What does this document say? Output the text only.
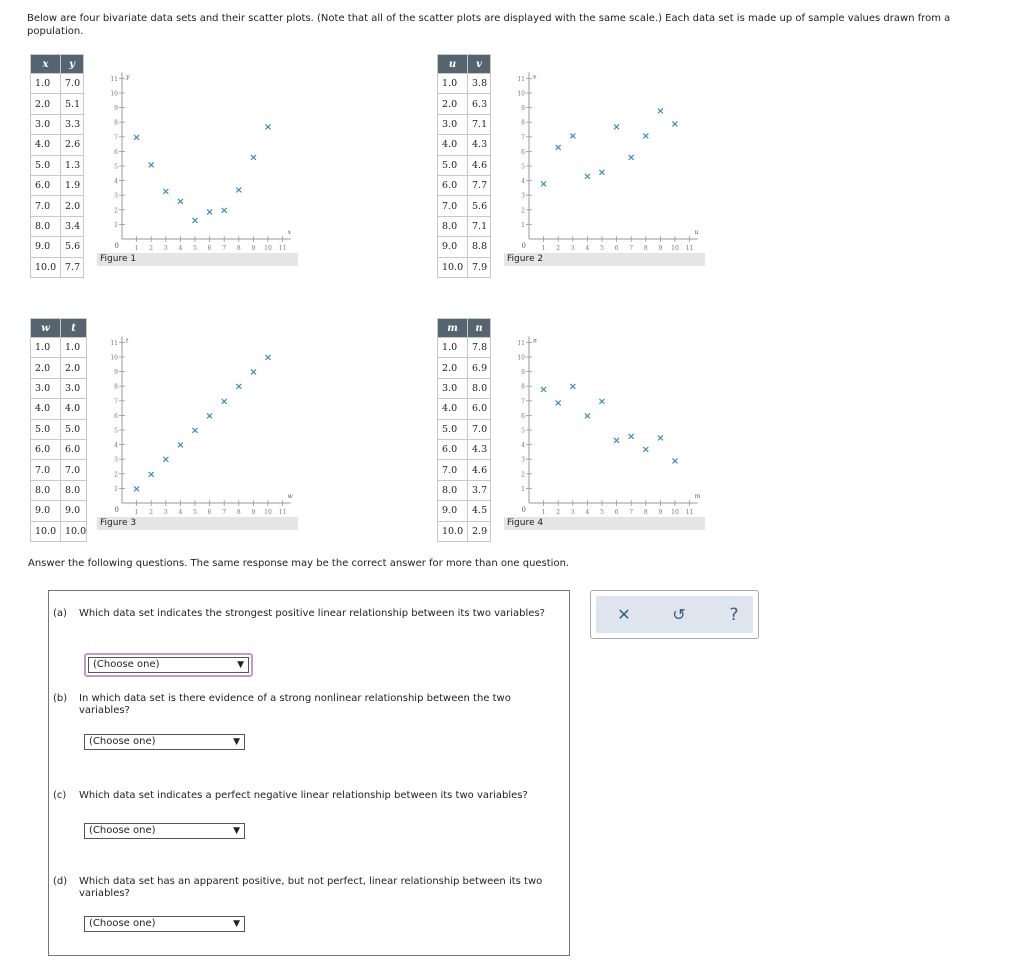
Below are four bivariate data sets and their scatter plots. (Note that all of the scatter plots are displayed with the same scale.) Each data set is made up of sample values drawn from a population.
x	y
1.0	7.0
2.0	5.1
3.0	3.3
4.0	2.6
5.0	1.3
6.0	1.9
7.0	2.0
8.0	3.4
9.0	5.6
10.0	7.7
0
1
2
3
4
5
6
7
8
9
10
11
1 2 3 4 5 6 7 8 9 10 11
y
x
×
×
×
×
×
× ×
×
×
×
Figure 1
u	v
1.0	3.8
2.0	6.3
3.0	7.1
4.0	4.3
5.0	4.6
6.0	7.7
7.0	5.6
8.0	7.1
9.0	8.8
10.0	7.9
0
1
2
3
4
5
6
7
8
9
10
11
1 2 3 4 5 6 7 8 9 10 11
v
u
×
×
×
× ×
×
×
×
×
×
Figure 2
w	t
1.0	1.0
2.0	2.0
3.0	3.0
4.0	4.0
5.0	5.0
6.0	6.0
7.0	7.0
8.0	8.0
9.0	9.0
10.0	10.0
0
1
2
3
4
5
6
7
8
9
10
11
1 2 3 4 5 6 7 8 9 10 11
t
w
×
×
×
×
×
×
×
×
×
×
Figure 3
m	n
1.0	7.8
2.0	6.9
3.0	8.0
4.0	6.0
5.0	7.0
6.0	4.3
7.0	4.6
8.0	3.7
9.0	4.5
10.0	2.9
0
1
2
3
4
5
6
7
8
9
10
11
1 2 3 4 5 6 7 8 9 10 11
n
m
×
×
×
×
×
× ×
×
×
×
Figure 4
Answer the following questions. The same response may be the correct answer for more than one question.
(a) Which data set indicates the strongest positive linear relationship between its two variables?
(Choose one)	▼
(b) In which data set is there evidence of a strong nonlinear relationship between the two variables?
(Choose one)	▼
(c) Which data set indicates a perfect negative linear relationship between its two variables?
(Choose one)	▼
(d) Which data set has an apparent positive, but not perfect, linear relationship between its two variables?
(Choose one)	▼
✕	↺	?
